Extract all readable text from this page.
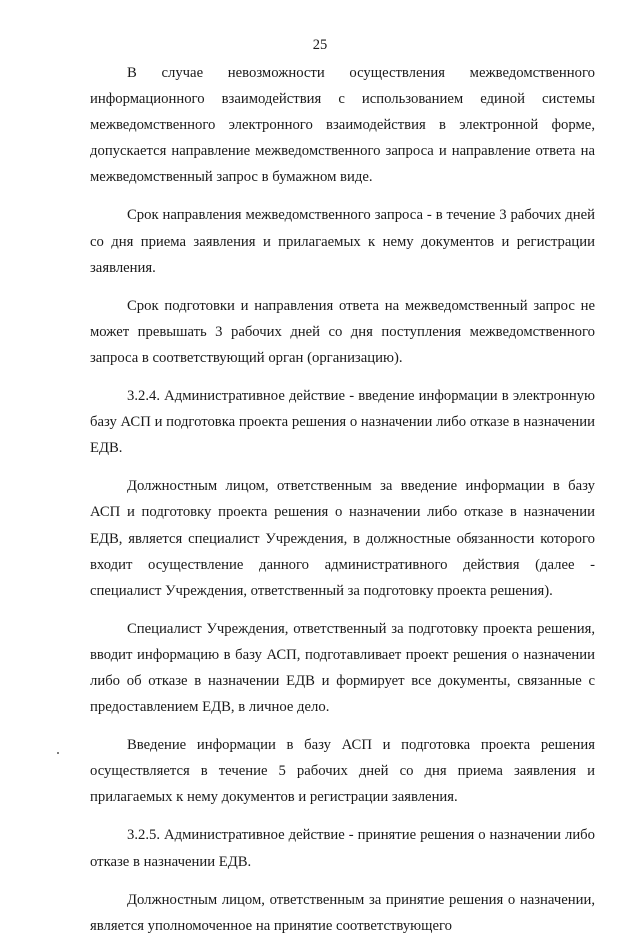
25

В случае невозможности осуществления межведомственного информационного взаимодействия с использованием единой системы межведомственного электронного взаимодействия в электронной форме, допускается направление межведомственного запроса и направление ответа на межведомственный запрос в бумажном виде.

Срок направления межведомственного запроса - в течение 3 рабочих дней со дня приема заявления и прилагаемых к нему документов и регистрации заявления.

Срок подготовки и направления ответа на межведомственный запрос не может превышать 3 рабочих дней со дня поступления межведомственного запроса в соответствующий орган (организацию).

3.2.4. Административное действие - введение информации в электронную базу АСП и подготовка проекта решения о назначении либо отказе в назначении ЕДВ.

Должностным лицом, ответственным за введение информации в базу АСП и подготовку проекта решения о назначении либо отказе в назначении ЕДВ, является специалист Учреждения, в должностные обязанности которого входит осуществление данного административного действия (далее - специалист Учреждения, ответственный за подготовку проекта решения).

Специалист Учреждения, ответственный за подготовку проекта решения, вводит информацию в базу АСП, подготавливает проект решения о назначении либо об отказе в назначении ЕДВ и формирует все документы, связанные с предоставлением ЕДВ, в личное дело.

Введение информации в базу АСП и подготовка проекта решения осуществляется в течение 5 рабочих дней со дня приема заявления и прилагаемых к нему документов и регистрации заявления.

3.2.5. Административное действие - принятие решения о назначении либо отказе в назначении ЕДВ.

Должностным лицом, ответственным за принятие решения о назначении, является уполномоченное на принятие соответствующего
